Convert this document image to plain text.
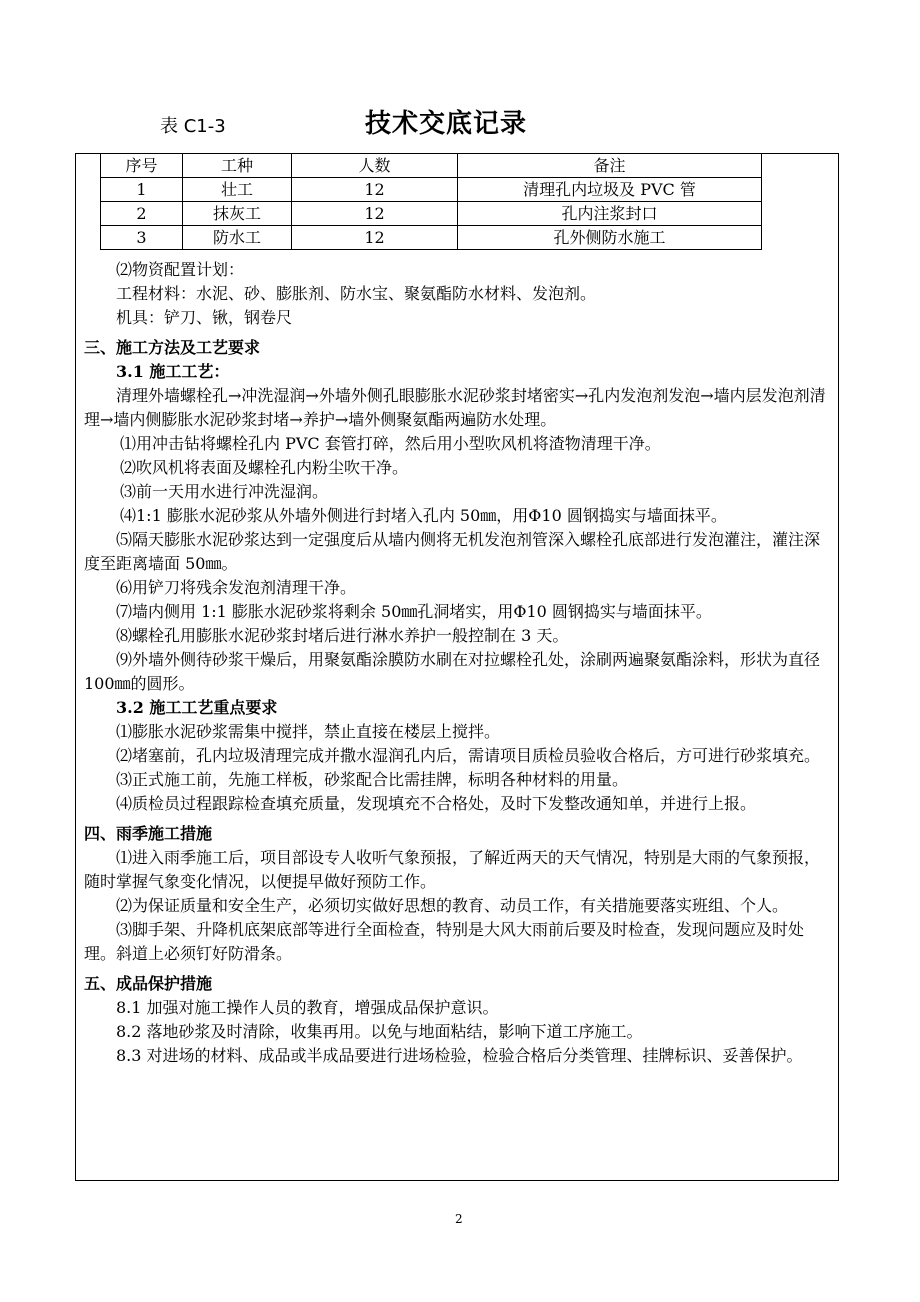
表 C1-3	技术交底记录
序号	工种	人数	备注
1	壮工	12	清理孔内垃圾及 PVC 管
2	抹灰工	12	孔内注浆封口
3	防水工	12	孔外侧防水施工

⑵物资配置计划：

工程材料：水泥、砂、膨胀剂、防水宝、聚氨酯防水材料、发泡剂。

机具：铲刀、锹，钢卷尺

三、施工方法及工艺要求

3.1 施工工艺：

清理外墙螺栓孔→冲洗湿润→外墙外侧孔眼膨胀水泥砂浆封堵密实→孔内发泡剂发泡→墙内层发泡剂清理→墙内侧膨胀水泥砂浆封堵→养护→墙外侧聚氨酯两遍防水处理。

⑴用冲击钻将螺栓孔内 PVC 套管打碎，然后用小型吹风机将渣物清理干净。

⑵吹风机将表面及螺栓孔内粉尘吹干净。

⑶前一天用水进行冲洗湿润。

⑷1:1 膨胀水泥砂浆从外墙外侧进行封堵入孔内 50㎜，用Φ10 圆钢捣实与墙面抹平。

⑸隔天膨胀水泥砂浆达到一定强度后从墙内侧将无机发泡剂管深入螺栓孔底部进行发泡灌注，灌注深度至距离墙面 50㎜。

⑹用铲刀将残余发泡剂清理干净。

⑺墙内侧用 1:1 膨胀水泥砂浆将剩余 50㎜孔洞堵实，用Φ10 圆钢捣实与墙面抹平。

⑻螺栓孔用膨胀水泥砂浆封堵后进行淋水养护一般控制在 3 天。

⑼外墙外侧待砂浆干燥后，用聚氨酯涂膜防水刷在对拉螺栓孔处，涂刷两遍聚氨酯涂料，形状为直径 100㎜的圆形。

3.2 施工工艺重点要求

⑴膨胀水泥砂浆需集中搅拌，禁止直接在楼层上搅拌。

⑵堵塞前，孔内垃圾清理完成并撒水湿润孔内后，需请项目质检员验收合格后，方可进行砂浆填充。

⑶正式施工前，先施工样板，砂浆配合比需挂牌，标明各种材料的用量。

⑷质检员过程跟踪检查填充质量，发现填充不合格处，及时下发整改通知单，并进行上报。

四、雨季施工措施

⑴进入雨季施工后，项目部设专人收听气象预报，了解近两天的天气情况，特别是大雨的气象预报，随时掌握气象变化情况，以便提早做好预防工作。

⑵为保证质量和安全生产，必须切实做好思想的教育、动员工作，有关措施要落实班组、个人。

⑶脚手架、升降机底架底部等进行全面检查，特别是大风大雨前后要及时检查，发现问题应及时处理。斜道上必须钉好防滑条。

五、成品保护措施

8.1 加强对施工操作人员的教育，增强成品保护意识。

8.2 落地砂浆及时清除，收集再用。以免与地面粘结，影响下道工序施工。

8.3 对进场的材料、成品或半成品要进行进场检验，检验合格后分类管理、挂牌标识、妥善保护。

2
